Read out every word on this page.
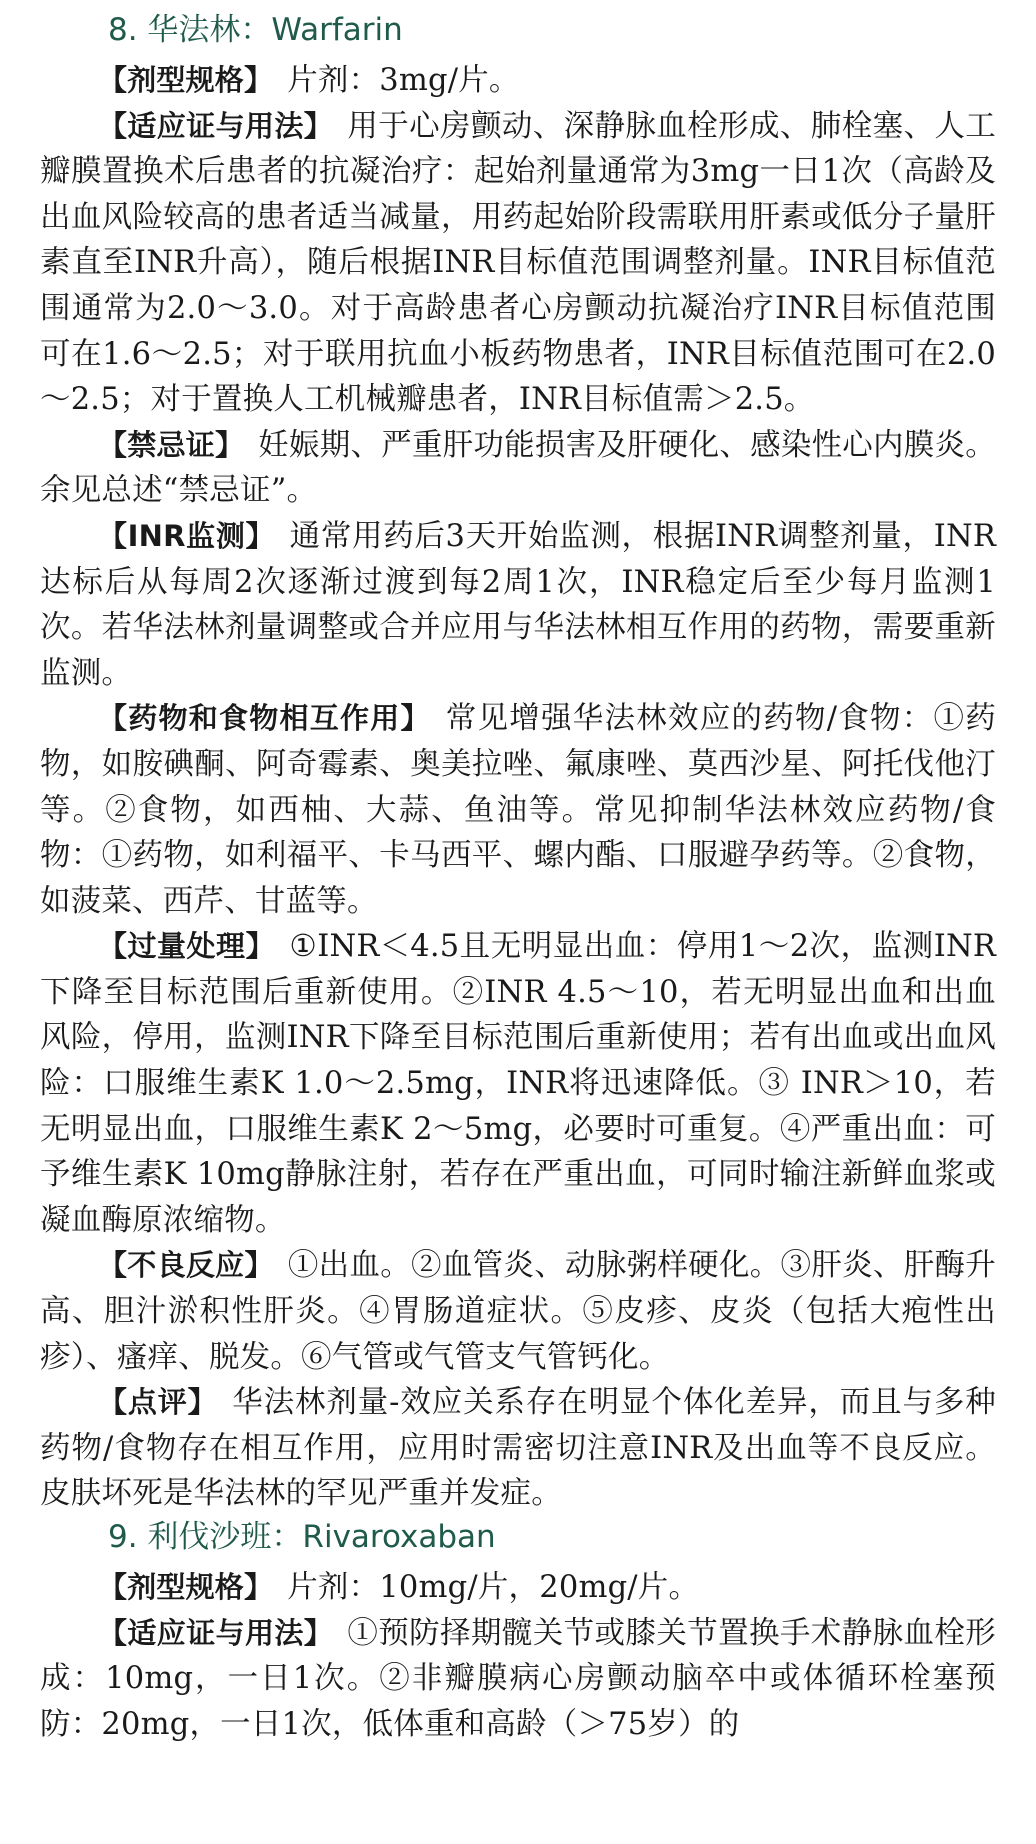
8. 华法林：Warfarin

【剂型规格】 片剂：3mg/片。

【适应证与用法】 用于心房颤动、深静脉血栓形成、肺栓塞、人工瓣膜置换术后患者的抗凝治疗：起始剂量通常为3mg一日1次（高龄及出血风险较高的患者适当减量，用药起始阶段需联用肝素或低分子量肝素直至INR升高），随后根据INR目标值范围调整剂量。INR目标值范围通常为2.0～3.0。对于高龄患者心房颤动抗凝治疗INR目标值范围可在1.6～2.5；对于联用抗血小板药物患者，INR目标值范围可在2.0～2.5；对于置换人工机械瓣患者，INR目标值需＞2.5。

【禁忌证】 妊娠期、严重肝功能损害及肝硬化、感染性心内膜炎。余见总述“禁忌证”。

【INR监测】 通常用药后3天开始监测，根据INR调整剂量，INR达标后从每周2次逐渐过渡到每2周1次，INR稳定后至少每月监测1次。若华法林剂量调整或合并应用与华法林相互作用的药物，需要重新监测。

【药物和食物相互作用】 常见增强华法林效应的药物/食物：①药物，如胺碘酮、阿奇霉素、奥美拉唑、氟康唑、莫西沙星、阿托伐他汀等。②食物，如西柚、大蒜、鱼油等。常见抑制华法林效应药物/食物：①药物，如利福平、卡马西平、螺内酯、口服避孕药等。②食物，如菠菜、西芹、甘蓝等。

【过量处理】 ①INR＜4.5且无明显出血：停用1～2次，监测INR下降至目标范围后重新使用。②INR 4.5～10，若无明显出血和出血风险，停用，监测INR下降至目标范围后重新使用；若有出血或出血风险：口服维生素K 1.0～2.5mg，INR将迅速降低。③ INR＞10，若无明显出血，口服维生素K 2～5mg，必要时可重复。④严重出血：可予维生素K 10mg静脉注射，若存在严重出血，可同时输注新鲜血浆或凝血酶原浓缩物。

【不良反应】 ①出血。②血管炎、动脉粥样硬化。③肝炎、肝酶升高、胆汁淤积性肝炎。④胃肠道症状。⑤皮疹、皮炎（包括大疱性出疹）、瘙痒、脱发。⑥气管或气管支气管钙化。

【点评】 华法林剂量-效应关系存在明显个体化差异，而且与多种药物/食物存在相互作用，应用时需密切注意INR及出血等不良反应。皮肤坏死是华法林的罕见严重并发症。

9. 利伐沙班：Rivaroxaban

【剂型规格】 片剂：10mg/片，20mg/片。

【适应证与用法】 ①预防择期髋关节或膝关节置换手术静脉血栓形成：10mg，一日1次。②非瓣膜病心房颤动脑卒中或体循环栓塞预防：20mg，一日1次，低体重和高龄（＞75岁）的
